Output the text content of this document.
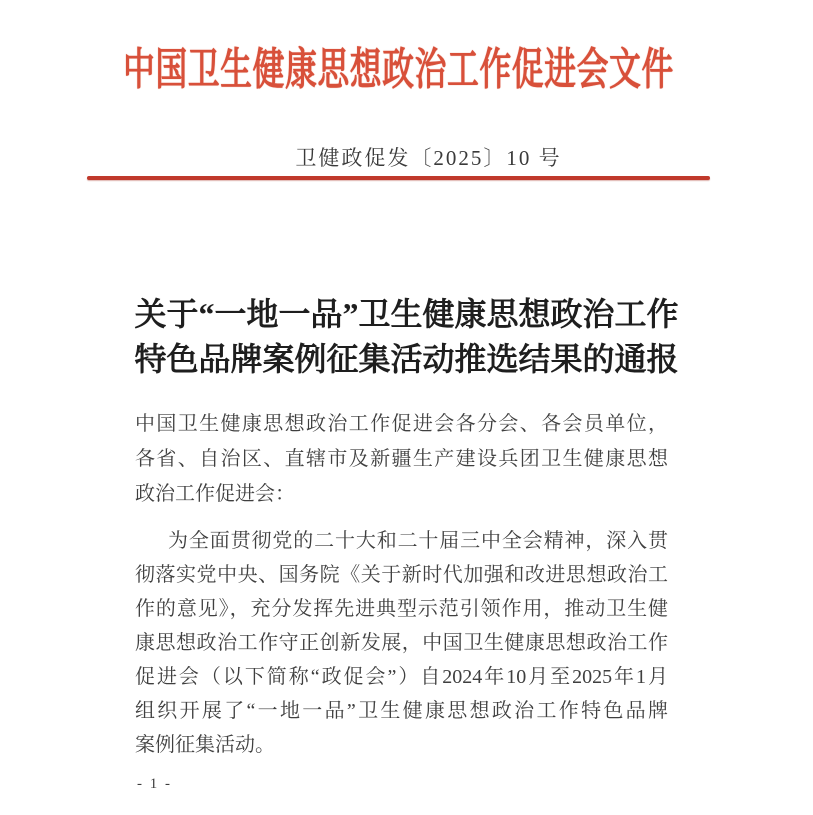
中国卫生健康思想政治工作促进会文件
卫健政促发〔2025〕10 号
关于“一地一品”卫生健康思想政治工作
特色品牌案例征集活动推选结果的通报
中国卫生健康思想政治工作促进会各分会、各会员单位，
各省、自治区、直辖市及新疆生产建设兵团卫生健康思想
政治工作促进会：
为全面贯彻党的二十大和二十届三中全会精神，深入贯
彻落实党中央、国务院《关于新时代加强和改进思想政治工
作的意见》，充分发挥先进典型示范引领作用，推动卫生健
康思想政治工作守正创新发展，中国卫生健康思想政治工作
促进会（以下简称“政促会”）自2024年10月至2025年1月
组织开展了“一地一品”卫生健康思想政治工作特色品牌
案例征集活动。
- 1 -
